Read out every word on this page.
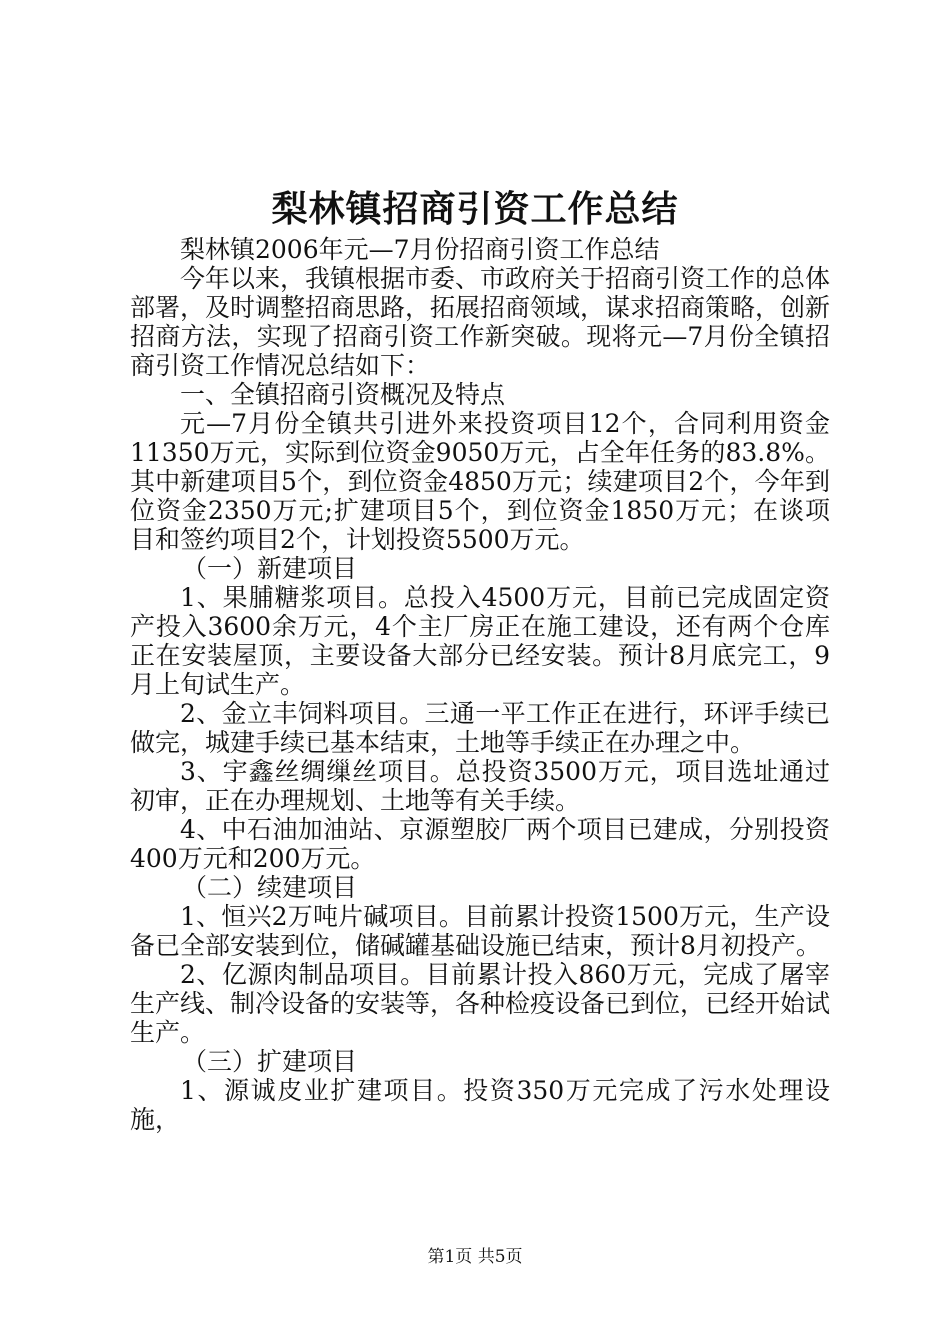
梨林镇招商引资工作总结

梨林镇2006年元—7月份招商引资工作总结

今年以来，我镇根据市委、市政府关于招商引资工作的总体部署，及时调整招商思路，拓展招商领域，谋求招商策略，创新招商方法，实现了招商引资工作新突破。现将元—7月份全镇招商引资工作情况总结如下：

一、全镇招商引资概况及特点

元—7月份全镇共引进外来投资项目12个，合同利用资金11350万元，实际到位资金9050万元，占全年任务的83.8%。其中新建项目5个，到位资金4850万元；续建项目2个，今年到位资金2350万元;扩建项目5个，到位资金1850万元；在谈项目和签约项目2个，计划投资5500万元。

（一）新建项目

1、果脯糖浆项目。总投入4500万元，目前已完成固定资产投入3600余万元，4个主厂房正在施工建设，还有两个仓库正在安装屋顶，主要设备大部分已经安装。预计8月底完工，9月上旬试生产。

2、金立丰饲料项目。三通一平工作正在进行，环评手续已做完，城建手续已基本结束，土地等手续正在办理之中。

3、宇鑫丝绸缫丝项目。总投资3500万元，项目选址通过初审，正在办理规划、土地等有关手续。

4、中石油加油站、京源塑胶厂两个项目已建成，分别投资400万元和200万元。

（二）续建项目

1、恒兴2万吨片碱项目。目前累计投资1500万元，生产设备已全部安装到位，储碱罐基础设施已结束，预计8月初投产。

2、亿源肉制品项目。目前累计投入860万元，完成了屠宰生产线、制冷设备的安装等，各种检疫设备已到位，已经开始试生产。

（三）扩建项目

1、源诚皮业扩建项目。投资350万元完成了污水处理设施，

第1页 共5页
